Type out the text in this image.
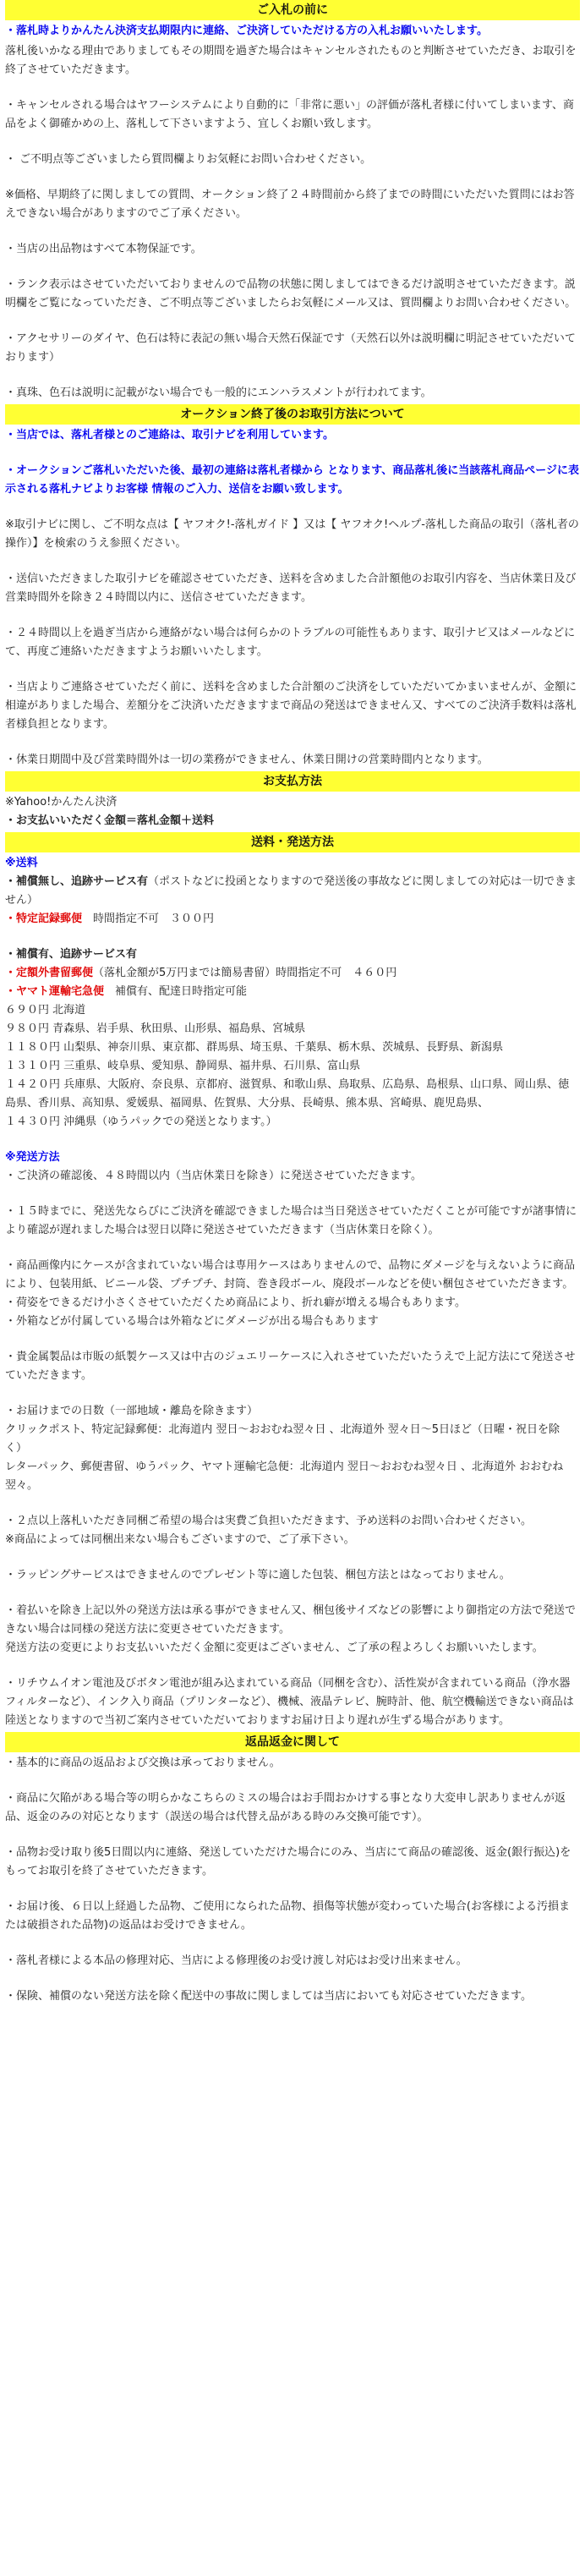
ご入札の前に
・落札時よりかんたん決済支払期限内に連絡、ご決済していただける方の入札お願いいたします。
落札後いかなる理由でありましてもその期間を過ぎた場合はキャンセルされたものと判断させていただき、お取引を終了させていただきます。
・キャンセルされる場合はヤフーシステムにより自動的に「非常に悪い」の評価が落札者様に付いてしまいます、商品をよく御確かめの上、落札して下さいますよう、宜しくお願い致します。
・ ご不明点等ございましたら質問欄よりお気軽にお問い合わせください。
※価格、早期終了に関しましての質問、オークション終了２４時間前から終了までの時間にいただいた質問にはお答えできない場合がありますのでご了承ください。
・当店の出品物はすべて本物保証です。
・ランク表示はさせていただいておりませんので品物の状態に関しましてはできるだけ説明させていただきます。説明欄をご覧になっていただき、ご不明点等ございましたらお気軽にメール又は、質問欄よりお問い合わせください。
・アクセサリーのダイヤ、色石は特に表記の無い場合天然石保証です（天然石以外は説明欄に明記させていただいております）
・真珠、色石は説明に記載がない場合でも一般的にエンハラスメントが行われてます。
オークション終了後のお取引方法について
・当店では、落札者様とのご連絡は、取引ナビを利用しています。
・オークションご落札いただいた後、最初の連絡は落札者様から となります、商品落札後に当該落札商品ページに表示される落札ナビよりお客様 情報のご入力、送信をお願い致します。
※取引ナビに関し、ご不明な点は【 ヤフオク!-落札ガイド 】又は【 ヤフオク!ヘルプ-落札した商品の取引（落札者の操作）】を検索のうえ参照ください。
・送信いただきました取引ナビを確認させていただき、送料を含めました合計額他のお取引内容を、当店休業日及び営業時間外を除き２４時間以内に、送信させていただきます。
・２４時間以上を過ぎ当店から連絡がない場合は何らかのトラブルの可能性もあります、取引ナビ又はメールなどにて、再度ご連絡いただきますようお願いいたします。
・当店よりご連絡させていただく前に、送料を含めました合計額のご決済をしていただいてかまいませんが、金額に相違がありました場合、差額分をご決済いただきますまで商品の発送はできません又、すべてのご決済手数料は落札者様負担となります。
・休業日期間中及び営業時間外は一切の業務ができません、休業日開けの営業時間内となります。
お支払方法
※Yahoo!かんたん決済
・お支払いいただく金額＝落札金額＋送料
送料・発送方法
※送料
・補償無し、追跡サービス有（ポストなどに投函となりますので発送後の事故などに関しましての対応は一切できません）
・特定記録郵便　時間指定不可　３００円
・補償有、追跡サービス有
・定額外書留郵便（落札金額が5万円までは簡易書留）時間指定不可　４６０円
・ヤマト運輸宅急便　補償有、配達日時指定可能
６９０円 北海道
９８０円 青森県、岩手県、秋田県、山形県、福島県、宮城県
１１８０円 山梨県、神奈川県、東京都、群馬県、埼玉県、千葉県、栃木県、茨城県、長野県、新潟県
１３１０円 三重県、岐阜県、愛知県、静岡県、福井県、石川県、富山県
１４２０円 兵庫県、大阪府、奈良県、京都府、滋賀県、和歌山県、鳥取県、広島県、島根県、山口県、岡山県、徳島県、香川県、高知県、愛媛県、福岡県、佐賀県、大分県、長崎県、熊本県、宮崎県、鹿児島県、
１４３０円 沖縄県（ゆうパックでの発送となります。）
※発送方法
・ご決済の確認後、４８時間以内（当店休業日を除き）に発送させていただきます。
・１５時までに、発送先ならびにご決済を確認できました場合は当日発送させていただくことが可能ですが諸事情により確認が遅れました場合は翌日以降に発送させていただきます（当店休業日を除く）。
・商品画像内にケースが含まれていない場合は専用ケースはありませんので、品物にダメージを与えないように商品により、包装用紙、ビニール袋、プチプチ、封筒、巻き段ボール、廃段ボールなどを使い梱包させていただきます。
・荷姿をできるだけ小さくさせていただくため商品により、折れ癖が増える場合もあります。
・外箱などが付属している場合は外箱などにダメージが出る場合もあります
・貴金属製品は市販の紙製ケース又は中古のジュエリーケースに入れさせていただいたうえで上記方法にて発送させていただきます。
・お届けまでの日数（一部地域・離島を除きます）
クリックポスト、特定記録郵便：北海道内 翌日～おおむね翌々日 、北海道外 翌々日～5日ほど（日曜・祝日を除く）
レターパック、郵便書留、ゆうパック、ヤマト運輸宅急便：北海道内 翌日～おおむね翌々日 、北海道外 おおむね翌々。
・２点以上落札いただき同梱ご希望の場合は実費ご負担いただきます、予め送料のお問い合わせください。
※商品によっては同梱出来ない場合もございますので、ご了承下さい。
・ラッピングサービスはできませんのでプレゼント等に適した包装、梱包方法とはなっておりません。
・着払いを除き上記以外の発送方法は承る事ができません又、梱包後サイズなどの影響により御指定の方法で発送できない場合は同様の発送方法に変更させていただきます。
発送方法の変更によりお支払いいただく金額に変更はございません、ご了承の程よろしくお願いいたします。
・リチウムイオン電池及びボタン電池が組み込まれている商品（同梱を含む）、活性炭が含まれている商品（浄水器フィルターなど）、インク入り商品（プリンターなど）、機械、液晶テレビ、腕時計、他、航空機輸送できない商品は陸送となりますので当初ご案内させていただいておりますお届け日より遅れが生ずる場合があります。
返品返金に関して
・基本的に商品の返品および交換は承っておりません。
・商品に欠陥がある場合等の明らかなこちらのミスの場合はお手間おかけする事となり大変申し訳ありませんが返品、返金のみの対応となります（誤送の場合は代替え品がある時のみ交換可能です）。
・品物お受け取り後5日間以内に連絡、発送していただけた場合にのみ、当店にて商品の確認後、返金(銀行振込)をもってお取引を終了させていただきます。
・お届け後、６日以上経過した品物、ご使用になられた品物、損傷等状態が変わっていた場合(お客様による汚損または破損された品物)の返品はお受けできません。
・落札者様による本品の修理対応、当店による修理後のお受け渡し対応はお受け出来ません。
・保険、補償のない発送方法を除く配送中の事故に関しましては当店においても対応させていただきます。
